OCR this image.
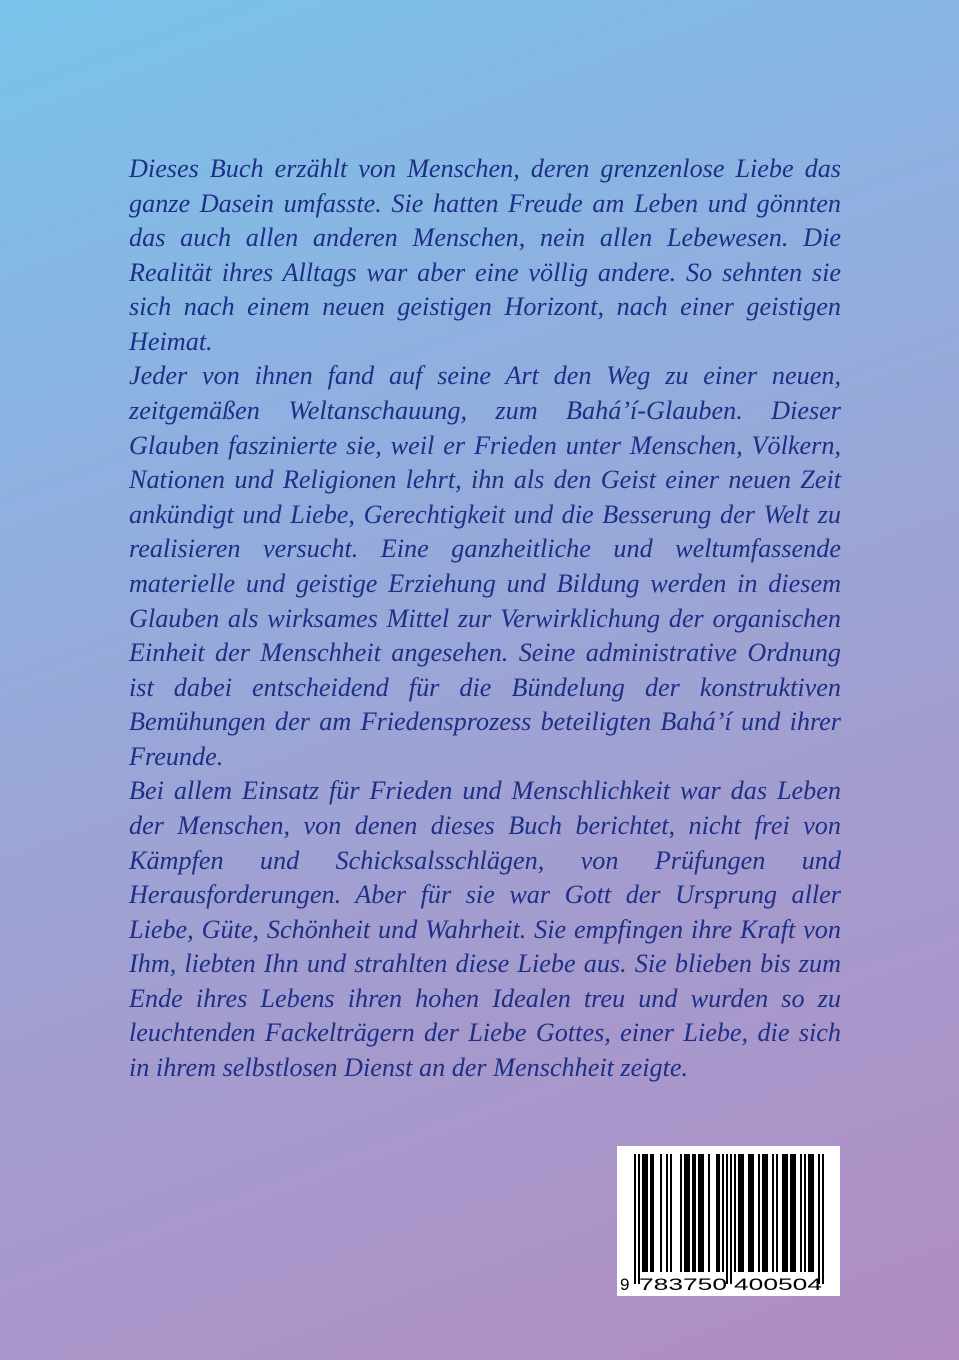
Dieses Buch erzählt von Menschen, deren grenzenlose Liebe das ganze Dasein umfasste. Sie hatten Freude am Leben und gönnten das auch allen anderen Menschen, nein allen Lebewesen. Die Realität ihres Alltags war aber eine völlig andere. So sehnten sie sich nach einem neuen geistigen Horizont, nach einer geistigen Heimat.

Jeder von ihnen fand auf seine Art den Weg zu einer neuen, zeitgemäßen Weltanschauung, zum Bahá’í-Glauben. Dieser Glauben faszinierte sie, weil er Frieden unter Menschen, Völkern, Nationen und Religionen lehrt, ihn als den Geist einer neuen Zeit ankündigt und Liebe, Gerechtigkeit und die Besserung der Welt zu realisieren versucht. Eine ganzheitliche und weltumfassende materielle und geistige Erziehung und Bildung werden in diesem Glauben als wirksames Mittel zur Verwirklichung der organischen Einheit der Menschheit angesehen. Seine administrative Ordnung ist dabei entscheidend für die Bündelung der konstruktiven Bemühungen der am Friedensprozess beteiligten Bahá’í und ihrer Freunde.

Bei allem Einsatz für Frieden und Menschlichkeit war das Leben der Menschen, von denen dieses Buch berichtet, nicht frei von Kämpfen und Schicksalsschlägen, von Prüfungen und Herausforderungen. Aber für sie war Gott der Ursprung aller Liebe, Güte, Schönheit und Wahrheit. Sie empfingen ihre Kraft von Ihm, liebten Ihn und strahlten diese Liebe aus. Sie blieben bis zum Ende ihres Lebens ihren hohen Idealen treu und wurden so zu leuchtenden Fackelträgern der Liebe Gottes, einer Liebe, die sich in ihrem selbstlosen Dienst an der Menschheit zeigte.

9 783750 400504
